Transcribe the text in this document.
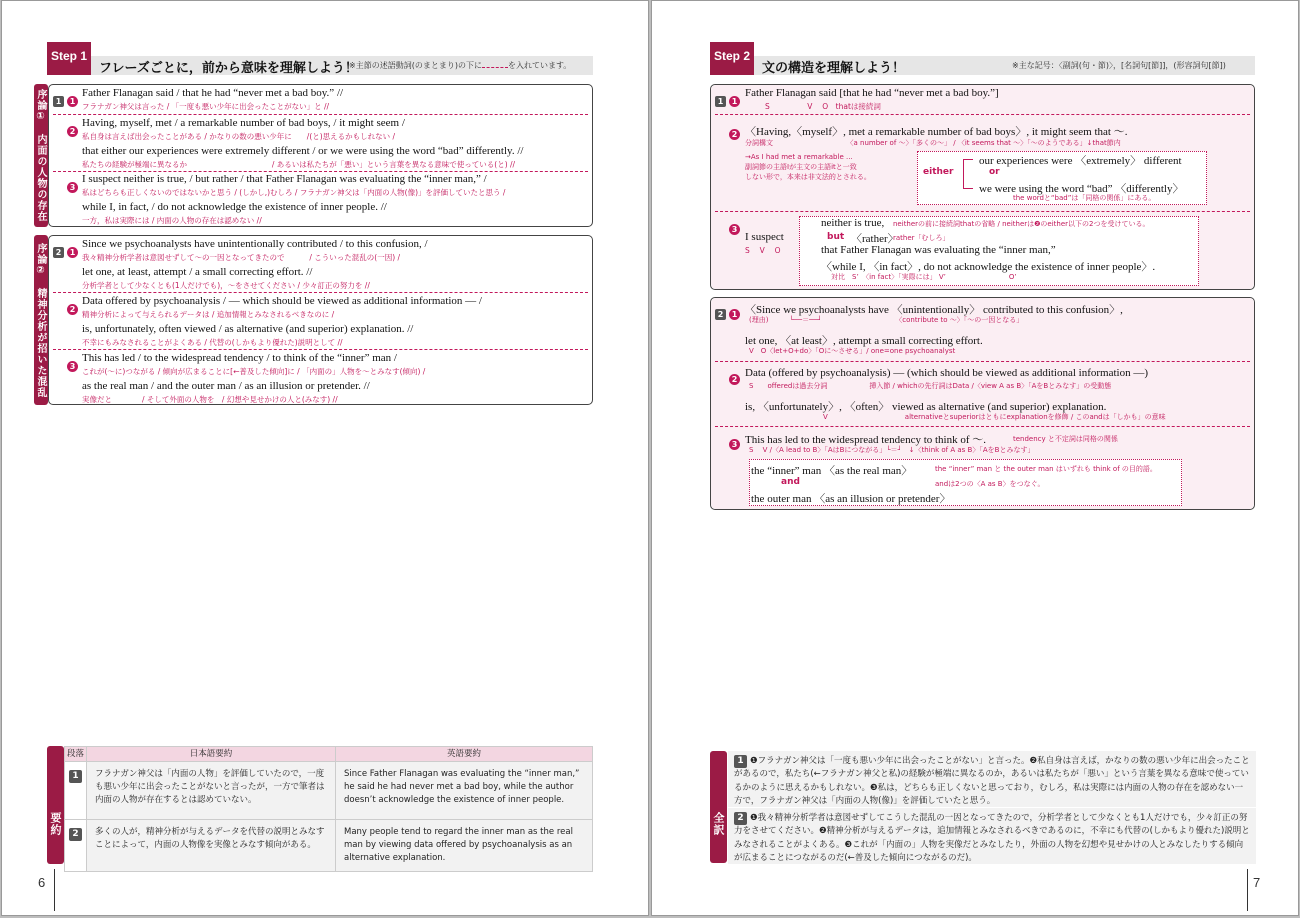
Step 1
フレーズごとに，前から意味を理解しよう！
※主節の述語動詞(のまとまり)の下に	を入れています。
序論①　内面の人物の存在否定
1	1
Father Flanagan said / that he had “never met a bad boy.” //
フラナガン神父は言った / 「一度も悪い少年に出会ったことがない」と //
2
Having, myself, met / a remarkable number of bad boys, / it might seem /
私自身は言えば出会ったことがある / かなりの数の悪い少年に　　/(と)思えるかもしれない /
that either our experiences were extremely different / or we were using the word “bad” differently. //
私たちの経験が極端に異なるか　　　　　　　　　　　 / あるいは私たちが「悪い」という言葉を異なる意味で使っている(と) //
3
I suspect neither is true, / but rather / that Father Flanagan was evaluating the “inner man,” /
私はどちらも正しくないのではないかと思う / (しかし,)むしろ / フラナガン神父は「内面の人物(像)」を評価していたと思う /
while I, in fact, / do not acknowledge the existence of inner people. //
一方，私は実際には / 内面の人物の存在は認めない //
序論②　精神分析が招いた混乱	2	1
Since we psychoanalysts have unintentionally contributed / to this confusion, /
我々精神分析学者は意図せずして〜の一因となってきたので　　　 / こういった混乱の(一因) /
let one, at least, attempt / a small correcting effort. //
分析学者として少なくとも(1人だけでも)，〜をさせてください / 少々訂正の努力を //
2
Data offered by psychoanalysis / — which should be viewed as additional information — /
精神分析によって与えられるデータは / 追加情報とみなされるべきなのに /
is, unfortunately, often viewed / as alternative (and superior) explanation. //
不幸にもみなされることがよくある / 代替の(しかもより優れた)説明として //
3
This has led / to the widespread tendency / to think of the “inner” man /
これが(〜に)つながる / 傾向が広まることに[←普及した傾向]に / 「内面の」人物を〜とみなす(傾向) /
as the real man / and the outer man / as an illusion or pretender. //
実像だと　　　　/ そして外面の人物を　/ 幻想や見せかけの人と(みなす) //
要約
段落	日本語要約	英語要約
1	フラナガン神父は「内面の人物」を評価していたので，一度も悪い少年に出会ったことがないと言ったが，一方で筆者は内面の人物が存在するとは認めていない。	Since Father Flanagan was evaluating the “inner man,” he said he had never met a bad boy, while the author doesn’t acknowledge the existence of inner people.
2	多くの人が，精神分析が与えるデータを代替の説明とみなすことによって，内面の人物像を実像とみなす傾向がある。	Many people tend to regard the inner man as the real man by viewing data offered by psychoanalysis as an alternative explanation.
6
Step 2
文の構造を理解しよう！	※主な記号：〈副詞(句・節)〉，[名詞句[節]]，(形容詞句[節])
1	1
Father Flanagan said [that he had “never met a bad boy.”]
S　　　　　V　 O　thatは接続詞
2 〈Having,〈myself〉, met a remarkable number of bad boys〉, it might seem that 〜.
分詞構文　　　　　　　　　　　〈a number of 〜〉「多くの〜」 / 〈it seems that 〜〉「〜のようである」↓that節内
→As I had met a remarkable ...
副詞節の主語Iが主文の主語itと一致
しない形で，本来は非文法的とされる。	either
our experiences were 〈extremely〉 different
or
we were using the word “bad” 〈differently〉
the wordと“bad”は「同格の関係」にある。
3
I suspect
S　 V　 O
neither is true, neitherの前に接続詞thatの省略 / neitherは❷のeither以下の2つを受けている。
but 〈rather〉
rather「むしろ」
that Father Flanagan was evaluating the “inner man,”
〈while I, 〈in fact〉, do not acknowledge the existence of inner people〉.
対比　S’　〈in fact〉「実際には」 V’　　　　　　　　　O’
2	1 〈Since we psychoanalysts have 〈unintentionally〉 contributed to this confusion〉,
(理由)　　　└──＝──┘　　　　　　　　　　　〈contribute to 〜〉「〜の一因となる」
let one, 〈at least〉, attempt a small correcting effort.
V　O〈let+O+do〉「Oに〜させる」/ one=one psychoanalyst
2
Data (offered by psychoanalysis) — (which should be viewed as additional information —)
S　　offeredは過去分詞　　　　　　挿入節 / whichの先行詞はData /〈view A as B〉「AをBとみなす」の受動態
is, 〈unfortunately〉, 〈often〉 viewed as alternative (and superior) explanation.
V　　　　　　　　　　　alternativeとsuperiorはともにexplanationを修飾 / このandは「しかも」の意味
3 This has led to the widespread tendency to think of 〜.	tendency と不定詞は同格の関係
S　 V /〈A lead to B〉「AはBにつながる」└＝┘　↓〈think of A as B〉「AをBとみなす」
the “inner” man 〈as the real man〉	the “inner” man と the outer man はいずれも think of の目的語。
and	andは2つの〈A as B〉をつなぐ。
the outer man 〈as an illusion or pretender〉
全訳
1 ❶フラナガン神父は「一度も悪い少年に出会ったことがない」と言った。❷私自身は言えば，かなりの数の悪い少年に出会ったことがあるので，私たち(←フラナガン神父と私)の経験が極端に異なるのか，あるいは私たちが「悪い」という言葉を異なる意味で使っているかのように思えるかもしれない。❸私は，どちらも正しくないと思っており，むしろ，私は実際には内面の人物の存在を認めない一方で，フラナガン神父は「内面の人物(像)」を評価していたと思う。
2 ❶我々精神分析学者は意図せずしてこうした混乱の一因となってきたので，分析学者として少なくとも1人だけでも，少々訂正の努力をさせてください。❷精神分析が与えるデータは，追加情報とみなされるべきであるのに，不幸にも代替の(しかもより優れた)説明とみなされることがよくある。❸これが「内面の」人物を実像だとみなしたり，外面の人物を幻想や見せかけの人とみなしたりする傾向が広まることにつながるのだ(←普及した傾向につながるのだ)。
7
